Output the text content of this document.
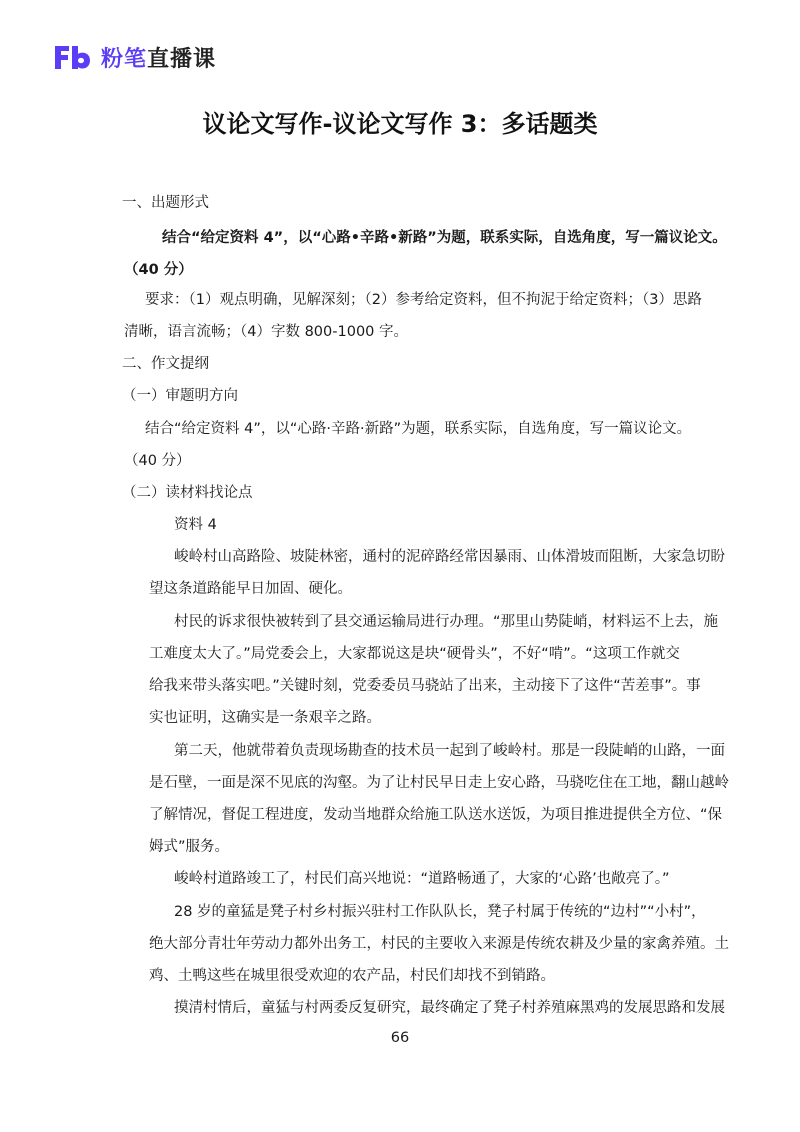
粉笔直播课
议论文写作-议论文写作 3：多话题类
一、出题形式
结合“给定资料 4”，以“心路•辛路•新路”为题，联系实际，自选角度，写一篇议论文。
（40 分）
要求：（1）观点明确，见解深刻；（2）参考给定资料，但不拘泥于给定资料；（3）思路
清晰，语言流畅；（4）字数 800-1000 字。
二、作文提纲
（一）审题明方向
结合“给定资料 4”，以“心路·辛路·新路”为题，联系实际，自选角度，写一篇议论文。
（40 分）
（二）读材料找论点
资料 4
峻岭村山高路险、坡陡林密，通村的泥碎路经常因暴雨、山体滑坡而阻断，大家急切盼
望这条道路能早日加固、硬化。
村民的诉求很快被转到了县交通运输局进行办理。“那里山势陡峭，材料运不上去，施
工难度太大了。”局党委会上，大家都说这是块“硬骨头”，不好“啃”。“这项工作就交
给我来带头落实吧。”关键时刻，党委委员马骁站了出来，主动接下了这件“苦差事”。事
实也证明，这确实是一条艰辛之路。
第二天，他就带着负责现场勘查的技术员一起到了峻岭村。那是一段陡峭的山路，一面
是石壁，一面是深不见底的沟壑。为了让村民早日走上安心路，马骁吃住在工地，翻山越岭
了解情况，督促工程进度，发动当地群众给施工队送水送饭，为项目推进提供全方位、“保
姆式”服务。
峻岭村道路竣工了，村民们高兴地说：“道路畅通了，大家的‘心路’也敞亮了。”
28 岁的童猛是凳子村乡村振兴驻村工作队队长，凳子村属于传统的“边村”“小村”，
绝大部分青壮年劳动力都外出务工，村民的主要收入来源是传统农耕及少量的家禽养殖。土
鸡、土鸭这些在城里很受欢迎的农产品，村民们却找不到销路。
摸清村情后，童猛与村两委反复研究，最终确定了凳子村养殖麻黑鸡的发展思路和发展
66
